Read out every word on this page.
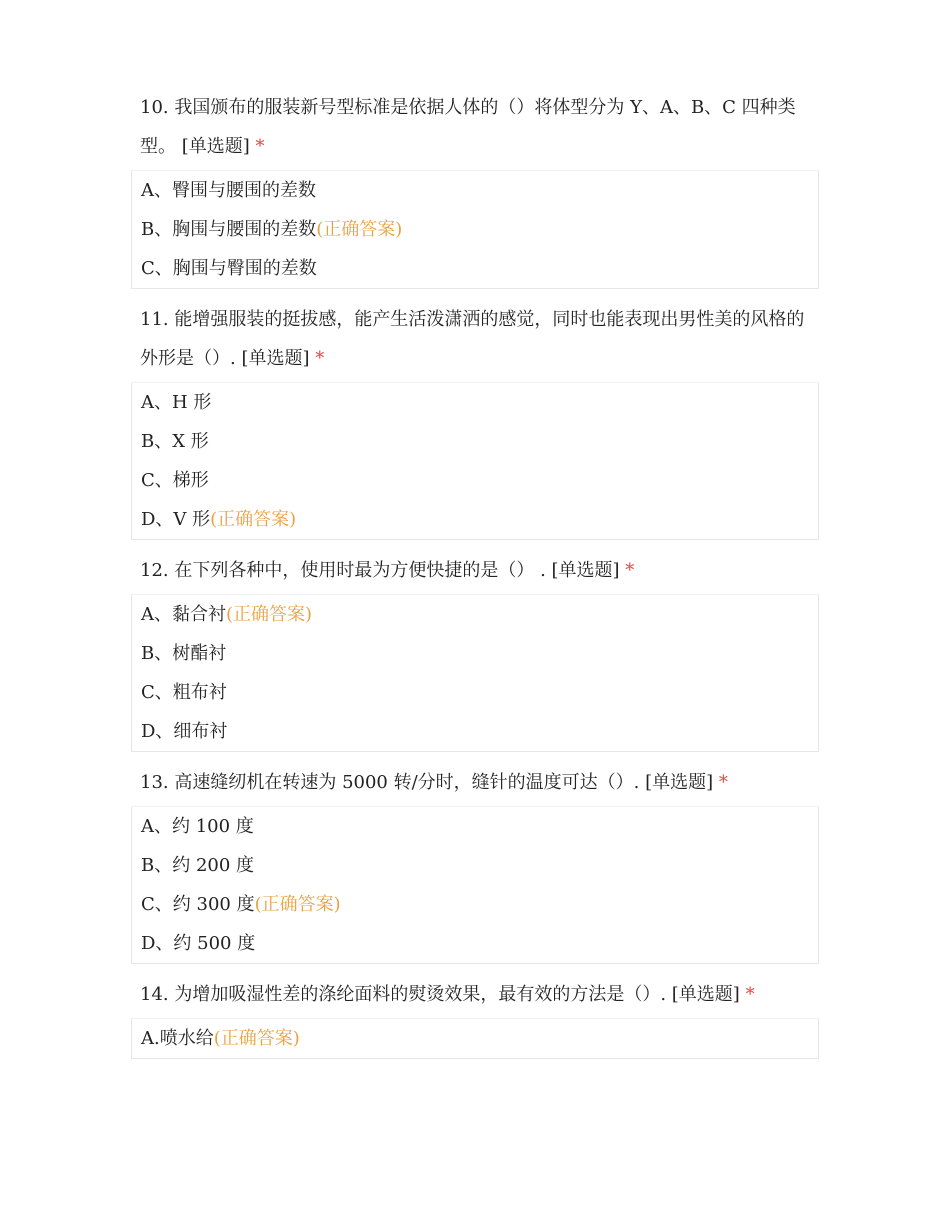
10. 我国颁布的服装新号型标准是依据人体的（）将体型分为 Y、A、B、C 四种类型。 [单选题] *

A、臀围与腰围的差数
B、胸围与腰围的差数(正确答案)
C、胸围与臀围的差数

11. 能增强服装的挺拔感，能产生活泼潇洒的感觉，同时也能表现出男性美的风格的外形是（）. [单选题] *

A、H 形
B、X 形
C、梯形
D、V 形(正确答案)

12. 在下列各种中，使用时最为方便快捷的是（） . [单选题] *

A、黏合衬(正确答案)
B、树酯衬
C、粗布衬
D、细布衬

13. 高速缝纫机在转速为 5000 转/分时，缝针的温度可达（）. [单选题] *

A、约 100 度
B、约 200 度
C、约 300 度(正确答案)
D、约 500 度

14. 为增加吸湿性差的涤纶面料的熨烫效果，最有效的方法是（）. [单选题] *

A.喷水给(正确答案)
